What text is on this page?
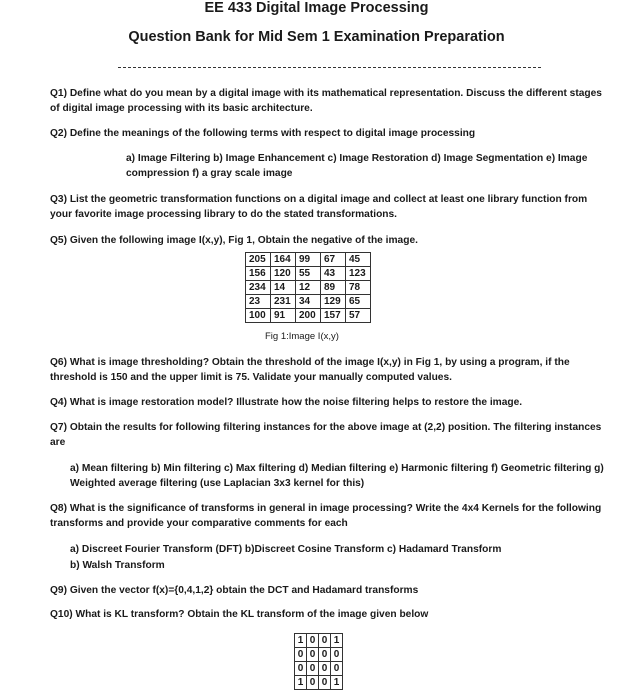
EE 433 Digital Image Processing
Question Bank for Mid Sem 1 Examination Preparation

Q1) Define what do you mean by a digital image with its mathematical representation. Discuss the different stages of digital image processing with its basic architecture.

Q2) Define the meanings of the following terms with respect to digital image processing

a) Image Filtering b) Image Enhancement c) Image Restoration d) Image Segmentation e) Image compression f) a gray scale image

Q3) List the geometric transformation functions on a digital image and collect at least one library function from your favorite image processing library to do the stated transformations.

Q5) Given the following image I(x,y), Fig 1, Obtain the negative of the image.

205	164	99	67	45
156	120	55	43	123
234	14	12	89	78
23	231	34	129	65
100	91	200	157	57
Fig 1:Image I(x,y)

Q6) What is image thresholding? Obtain the threshold of the image I(x,y) in Fig 1, by using a program, if the threshold is 150 and the upper limit is 75. Validate your manually computed values.

Q4) What is image restoration model? Illustrate how the noise filtering helps to restore the image.

Q7) Obtain the results for following filtering instances for the above image at (2,2) position. The filtering instances are

a) Mean filtering b) Min filtering c) Max filtering d) Median filtering e) Harmonic filtering f) Geometric filtering g) Weighted average filtering (use Laplacian 3x3 kernel for this)

Q8) What is the significance of transforms in general in image processing? Write the 4x4 Kernels for the following transforms and provide your comparative comments for each

a) Discreet Fourier Transform (DFT) b)Discreet Cosine Transform c) Hadamard Transform

b) Walsh Transform

Q9) Given the vector f(x)={0,4,1,2} obtain the DCT and Hadamard transforms

Q10) What is KL transform? Obtain the KL transform of the image given below

1	0	0	1
0	0	0	0
0	0	0	0
1	0	0	1
